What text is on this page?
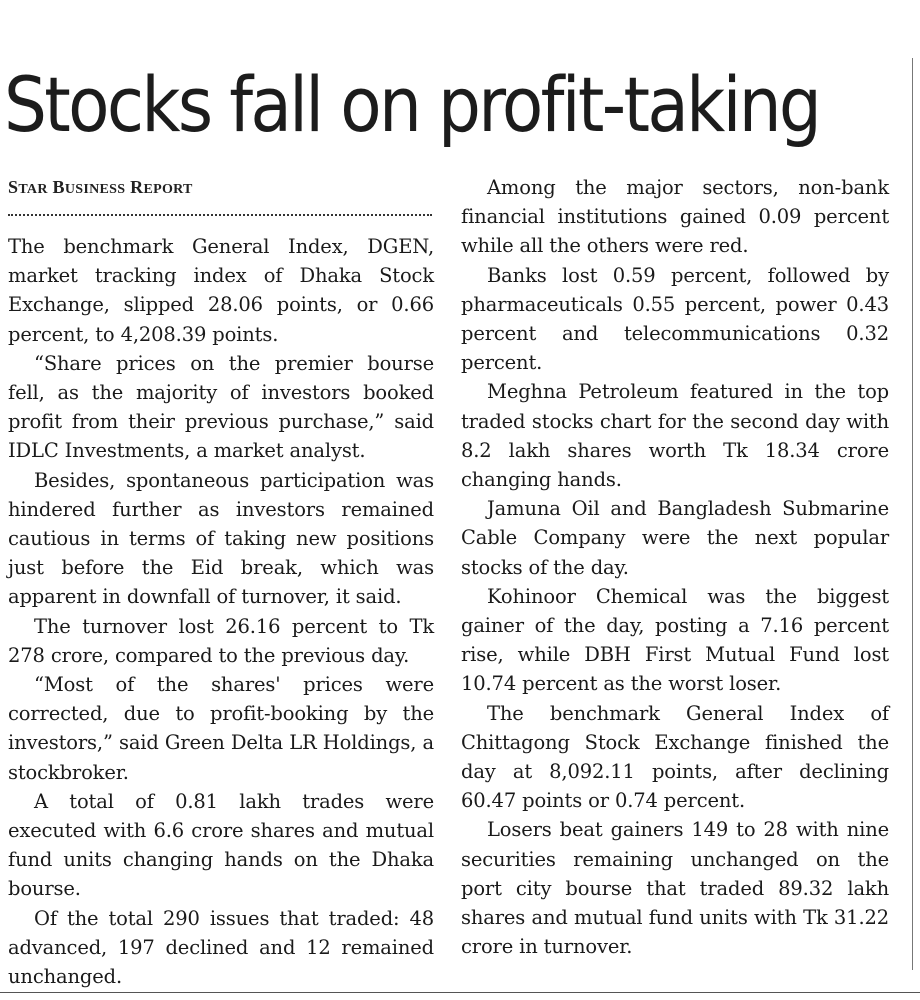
Stocks fall on profit-taking
STAR BUSINESS REPORT

The benchmark General Index, DGEN, market tracking index of Dhaka Stock Exchange, slipped 28.06 points, or 0.66 percent, to 4,208.39 points.

“Share prices on the premier bourse fell, as the majority of investors booked profit from their previous purchase,” said IDLC Investments, a market analyst.

Besides, spontaneous participation was hindered further as investors remained cautious in terms of taking new positions just before the Eid break, which was apparent in downfall of turnover, it said.

The turnover lost 26.16 percent to Tk 278 crore, compared to the previous day.

“Most of the shares' prices were corrected, due to profit-booking by the investors,” said Green Delta LR Holdings, a stockbroker.

A total of 0.81 lakh trades were executed with 6.6 crore shares and mutual fund units changing hands on the Dhaka bourse.

Of the total 290 issues that traded: 48 advanced, 197 declined and 12 remained unchanged.

Among the major sectors, non-bank financial institutions gained 0.09 percent while all the others were red.

Banks lost 0.59 percent, followed by pharmaceuticals 0.55 percent, power 0.43 percent and telecommunications 0.32 percent.

Meghna Petroleum featured in the top traded stocks chart for the second day with 8.2 lakh shares worth Tk 18.34 crore changing hands.

Jamuna Oil and Bangladesh Submarine Cable Company were the next popular stocks of the day.

Kohinoor Chemical was the biggest gainer of the day, posting a 7.16 percent rise, while DBH First Mutual Fund lost 10.74 percent as the worst loser.

The benchmark General Index of Chittagong Stock Exchange finished the day at 8,092.11 points, after declining 60.47 points or 0.74 percent.

Losers beat gainers 149 to 28 with nine securities remaining unchanged on the port city bourse that traded 89.32 lakh shares and mutual fund units with Tk 31.22 crore in turnover.
